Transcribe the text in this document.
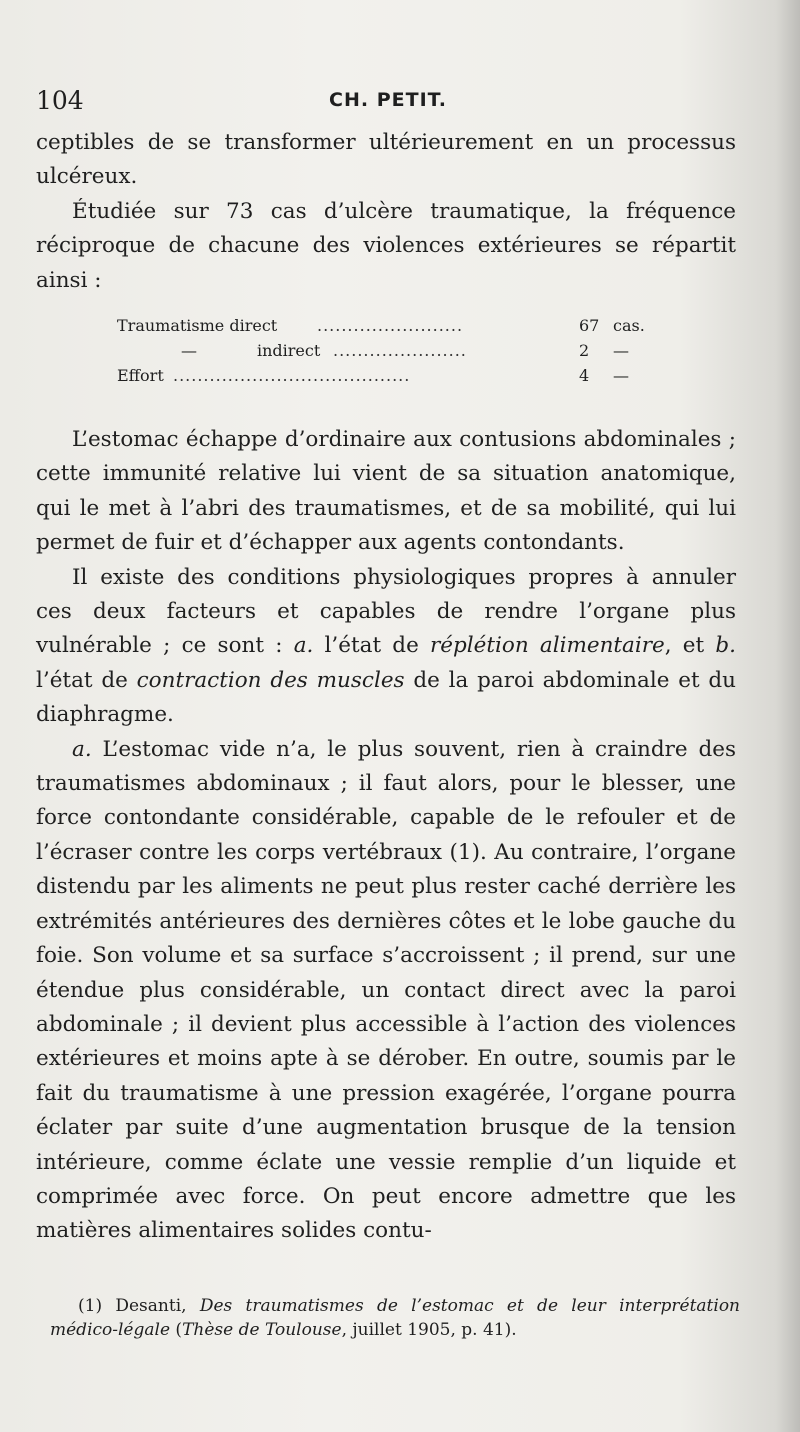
104	CH. PETIT.

ceptibles de se transformer ultérieurement en un processus ulcéreux.

Étudiée sur 73 cas d’ulcère traumatique, la fréquence réciproque de chacune des violences extérieures se répartit ainsi :

Traumatisme direct ........................	67 cas.
—	indirect ......................	2 —
Effort .......................................	4 —

L’estomac échappe d’ordinaire aux contusions abdominales ; cette immunité relative lui vient de sa situation anatomique, qui le met à l’abri des traumatismes, et de sa mobilité, qui lui permet de fuir et d’échapper aux agents contondants.

Il existe des conditions physiologiques propres à annuler ces deux facteurs et capables de rendre l’organe plus vulnérable ; ce sont : a. l’état de réplétion alimentaire, et b. l’état de contraction des muscles de la paroi abdominale et du diaphragme.

a. L’estomac vide n’a, le plus souvent, rien à craindre des traumatismes abdominaux ; il faut alors, pour le blesser, une force contondante considérable, capable de le refouler et de l’écraser contre les corps vertébraux (1). Au contraire, l’organe distendu par les aliments ne peut plus rester caché derrière les extrémités antérieures des dernières côtes et le lobe gauche du foie. Son volume et sa surface s’accroissent ; il prend, sur une étendue plus considérable, un contact direct avec la paroi abdominale ; il devient plus accessible à l’action des violences extérieures et moins apte à se dérober. En outre, soumis par le fait du traumatisme à une pression exagérée, l’organe pourra éclater par suite d’une augmentation brusque de la tension intérieure, comme éclate une vessie remplie d’un liquide et comprimée avec force. On peut encore admettre que les matières alimentaires solides contu-

(1) Desanti, Des traumatismes de l’estomac et de leur interprétation médico-légale (Thèse de Toulouse, juillet 1905, p. 41).
